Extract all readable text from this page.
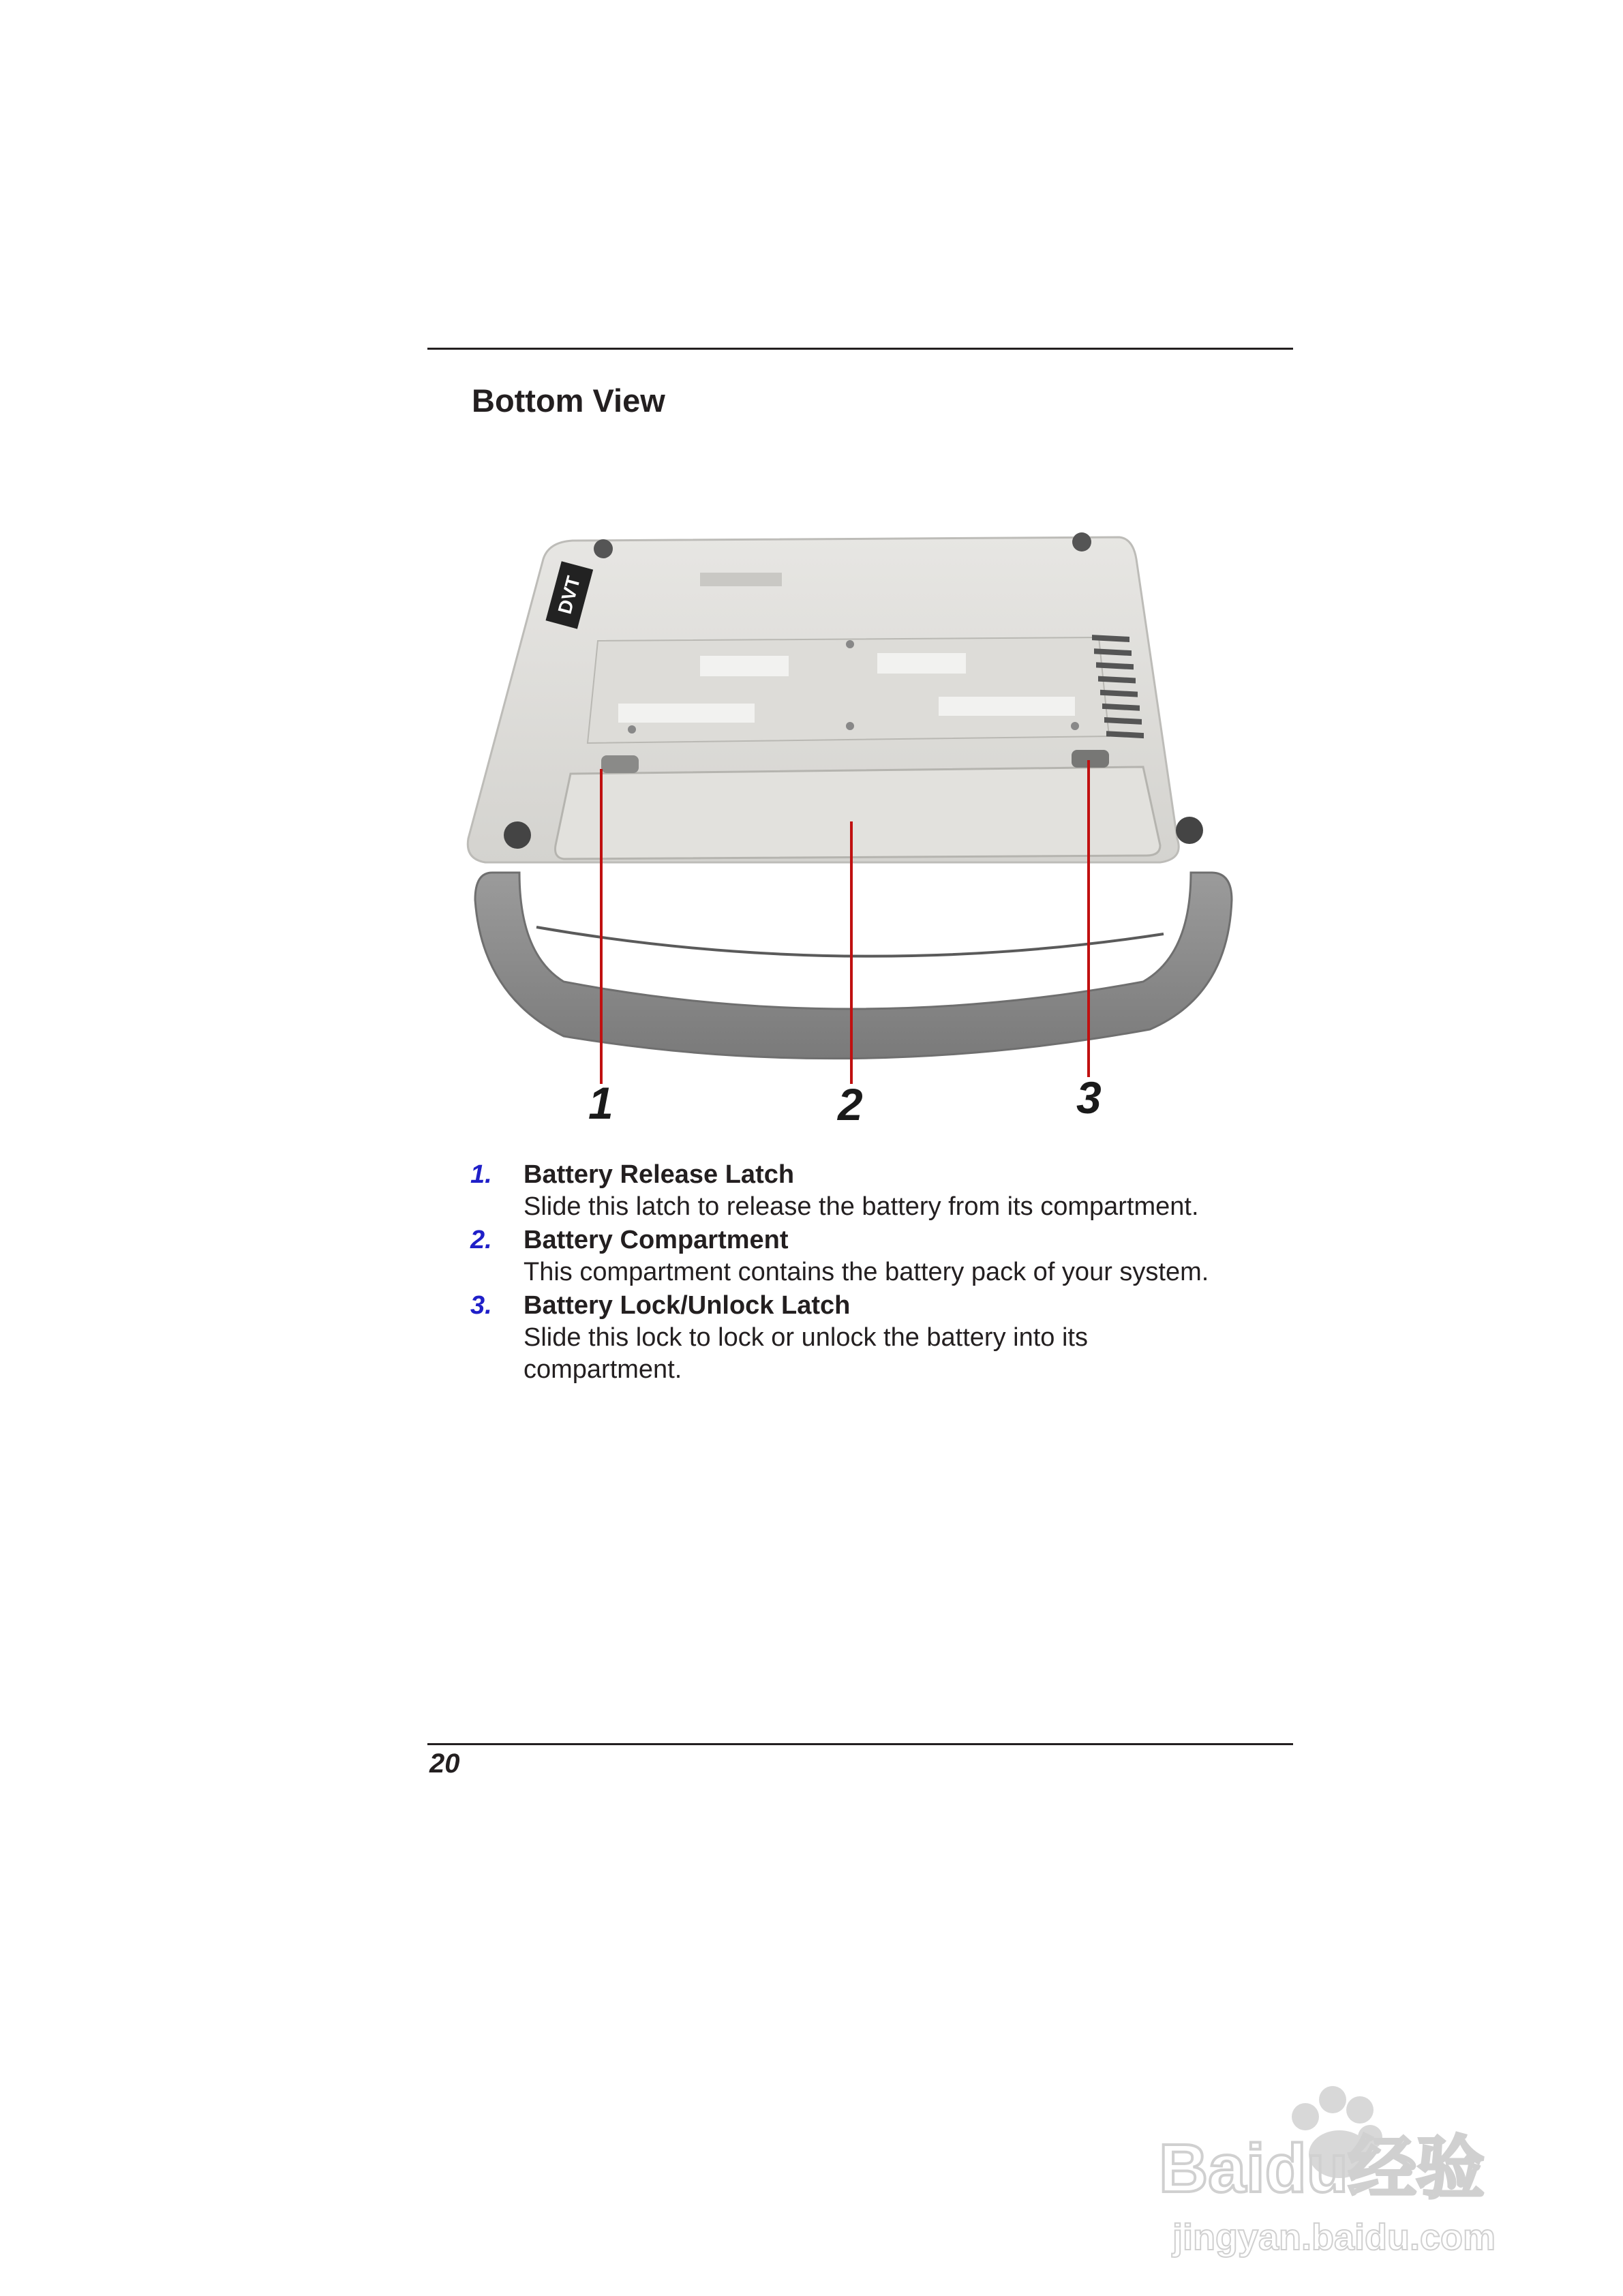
Bottom View
DVT
1	2	3
1. Battery Release Latch
Slide this latch to release the battery from its compartment.
2. Battery Compartment
This compartment contains the battery pack of your system.
3. Battery Lock/Unlock Latch
Slide this lock to lock or unlock the battery into its compartment.
20
Baidu经验
jingyan.baidu.com
